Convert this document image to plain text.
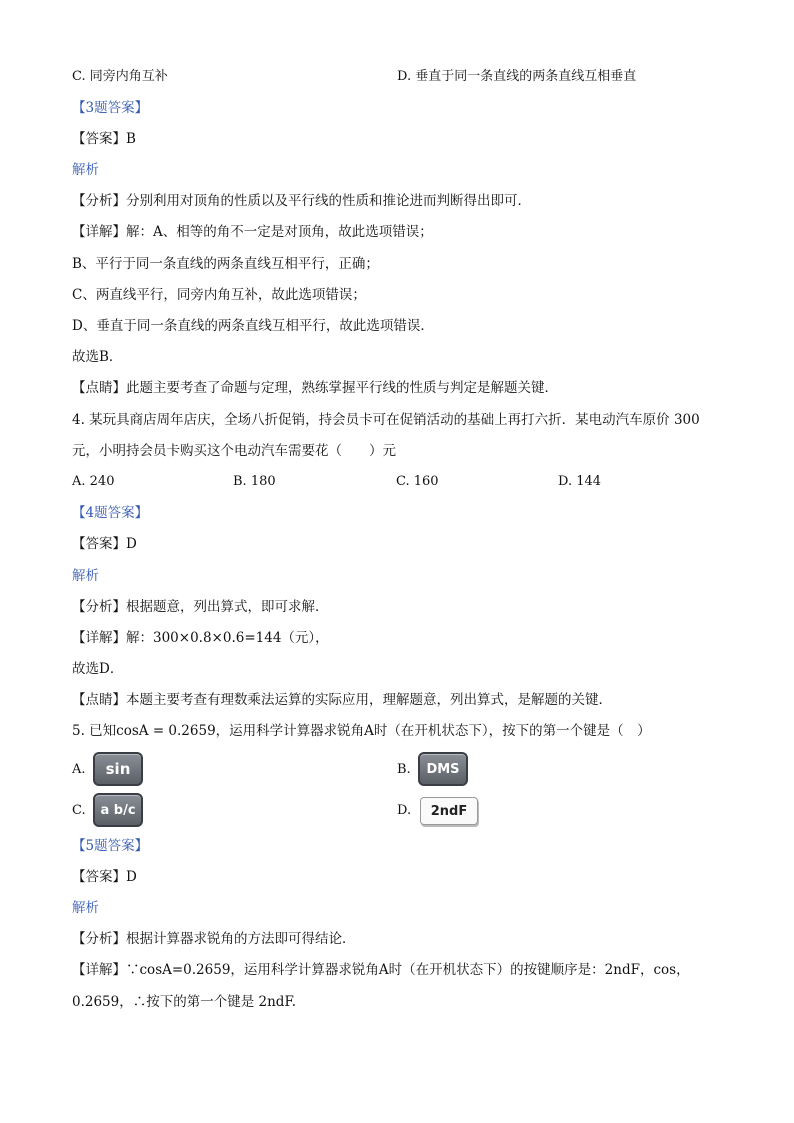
C. 同旁内角互补	D. 垂直于同一条直线的两条直线互相垂直
【3题答案】
【答案】B
解析
【分析】分别利用对顶角的性质以及平行线的性质和推论进而判断得出即可．
【详解】解：A、相等的角不一定是对顶角，故此选项错误；
B、平行于同一条直线的两条直线互相平行，正确；
C、两直线平行，同旁内角互补，故此选项错误；
D、垂直于同一条直线的两条直线互相平行，故此选项错误．
故选B．
【点睛】此题主要考查了命题与定理，熟练掌握平行线的性质与判定是解题关键．
4. 某玩具商店周年店庆，全场八折促销，持会员卡可在促销活动的基础上再打六折．某电动汽车原价 300
元，小明持会员卡购买这个电动汽车需要花（　　）元
A. 240	B. 180	C. 160	D. 144
【4题答案】
【答案】D
解析
【分析】根据题意，列出算式，即可求解．
【详解】解：300×0.8×0.6=144（元），
故选D．
【点睛】本题主要考查有理数乘法运算的实际应用，理解题意，列出算式，是解题的关键．
5. 已知cosA = 0.2659，运用科学计算器求锐角A时（在开机状态下），按下的第一个键是（　）
A. sin	B. DMS
C. a b/c	D. 2ndF
【5题答案】
【答案】D
解析
【分析】根据计算器求锐角的方法即可得结论．
【详解】∵cosA=0.2659，运用科学计算器求锐角A时（在开机状态下）的按键顺序是：2ndF，cos，
0.2659，∴按下的第一个键是 2ndF.
